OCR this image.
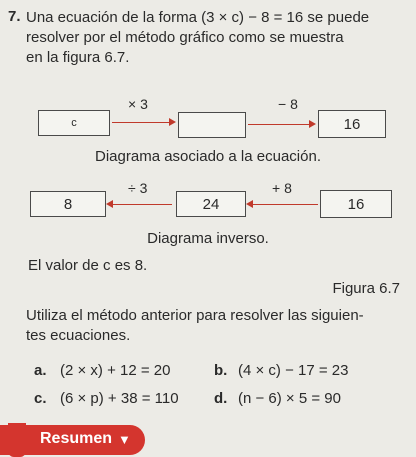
7. Una ecuación de la forma (3 × c) − 8 = 16 se puede
resolver por el método gráfico como se muestra
en la figura 6.7.
c
× 3	− 8
16
Diagrama asociado a la ecuación.
8
÷ 3
24
+ 8
16
Diagrama inverso.
El valor de c es 8.
Figura 6.7
Utiliza el método anterior para resolver las siguien-
tes ecuaciones.
a. (2 × x) + 12 = 20	b. (4 × c) − 17 = 23
c. (6 × p) + 38 = 110 d. (n − 6) × 5 = 90
Resumen ▼
